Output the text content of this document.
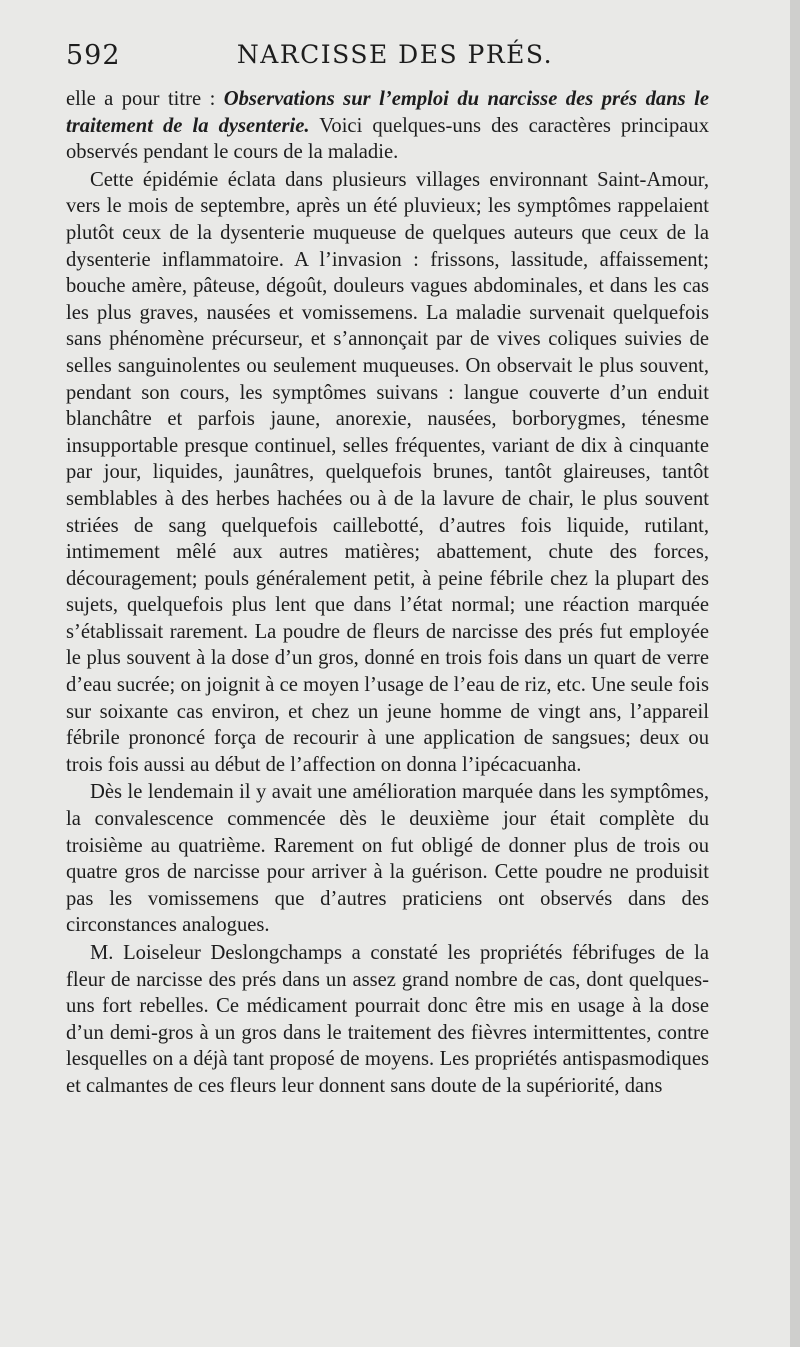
592	NARCISSE DES PRÉS.

elle a pour titre : Observations sur l’emploi du narcisse des prés dans le traitement de la dysenterie. Voici quelques-uns des caractères principaux observés pendant le cours de la maladie.

Cette épidémie éclata dans plusieurs villages environnant Saint-Amour, vers le mois de septembre, après un été pluvieux; les symptômes rappelaient plutôt ceux de la dysenterie muqueuse de quelques auteurs que ceux de la dysenterie inflammatoire. A l’invasion : frissons, lassitude, affaissement; bouche amère, pâteuse, dégoût, douleurs vagues abdominales, et dans les cas les plus graves, nausées et vomissemens. La maladie survenait quelquefois sans phénomène précurseur, et s’annonçait par de vives coliques suivies de selles sanguinolentes ou seulement muqueuses. On observait le plus souvent, pendant son cours, les symptômes suivans : langue couverte d’un enduit blanchâtre et parfois jaune, anorexie, nausées, borborygmes, ténesme insupportable presque continuel, selles fréquentes, variant de dix à cinquante par jour, liquides, jaunâtres, quelquefois brunes, tantôt glaireuses, tantôt semblables à des herbes hachées ou à de la lavure de chair, le plus souvent striées de sang quelquefois caillebotté, d’autres fois liquide, rutilant, intimement mêlé aux autres matières; abattement, chute des forces, découragement; pouls généralement petit, à peine fébrile chez la plupart des sujets, quelquefois plus lent que dans l’état normal; une réaction marquée s’établissait rarement. La poudre de fleurs de narcisse des prés fut employée le plus souvent à la dose d’un gros, donné en trois fois dans un quart de verre d’eau sucrée; on joignit à ce moyen l’usage de l’eau de riz, etc. Une seule fois sur soixante cas environ, et chez un jeune homme de vingt ans, l’appareil fébrile prononcé força de recourir à une application de sangsues; deux ou trois fois aussi au début de l’affection on donna l’ipécacuanha.

Dès le lendemain il y avait une amélioration marquée dans les symptômes, la convalescence commencée dès le deuxième jour était complète du troisième au quatrième. Rarement on fut obligé de donner plus de trois ou quatre gros de narcisse pour arriver à la guérison. Cette poudre ne produisit pas les vomissemens que d’autres praticiens ont observés dans des circonstances analogues.

M. Loiseleur Deslongchamps a constaté les propriétés fébrifuges de la fleur de narcisse des prés dans un assez grand nombre de cas, dont quelques-uns fort rebelles. Ce médicament pourrait donc être mis en usage à la dose d’un demi-gros à un gros dans le traitement des fièvres intermittentes, contre lesquelles on a déjà tant proposé de moyens. Les propriétés antispasmodiques et calmantes de ces fleurs leur donnent sans doute de la supériorité, dans
